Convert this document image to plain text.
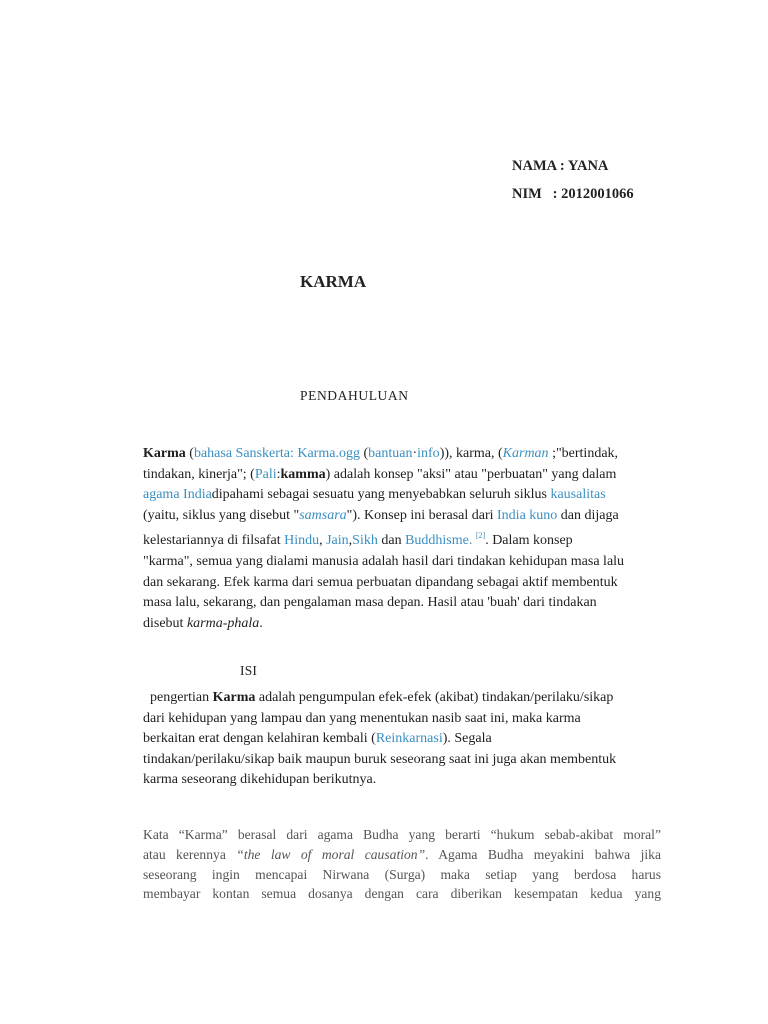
NAMA : YANA
NIM   : 2012001066
KARMA
PENDAHULUAN
Karma (bahasa Sanskerta: Karma.ogg (bantuan·info)), karma, (Karman ;"bertindak,
tindakan, kinerja"; (Pali:kamma) adalah konsep "aksi" atau "perbuatan" yang dalam
agama Indiadipahami sebagai sesuatu yang menyebabkan seluruh siklus kausalitas
(yaitu, siklus yang disebut "samsara"). Konsep ini berasal dari India kuno dan dijaga
kelestariannya di filsafat Hindu, Jain,Sikh dan Buddhisme. [2]. Dalam konsep
"karma", semua yang dialami manusia adalah hasil dari tindakan kehidupan masa lalu
dan sekarang. Efek karma dari semua perbuatan dipandang sebagai aktif membentuk
masa lalu, sekarang, dan pengalaman masa depan. Hasil atau 'buah' dari tindakan
disebut karma-phala.
ISI
pengertian Karma adalah pengumpulan efek-efek (akibat) tindakan/perilaku/sikap
dari kehidupan yang lampau dan yang menentukan nasib saat ini, maka karma
berkaitan erat dengan kelahiran kembali (Reinkarnasi). Segala
tindakan/perilaku/sikap baik maupun buruk seseorang saat ini juga akan membentuk
karma seseorang dikehidupan berikutnya.
Kata “Karma” berasal dari agama Budha yang berarti “hukum sebab-akibat moral”
atau kerennya “the law of moral causation”. Agama Budha meyakini bahwa jika
seseorang ingin mencapai Nirwana (Surga) maka setiap yang berdosa harus
membayar kontan semua dosanya dengan cara diberikan kesempatan kedua yang
